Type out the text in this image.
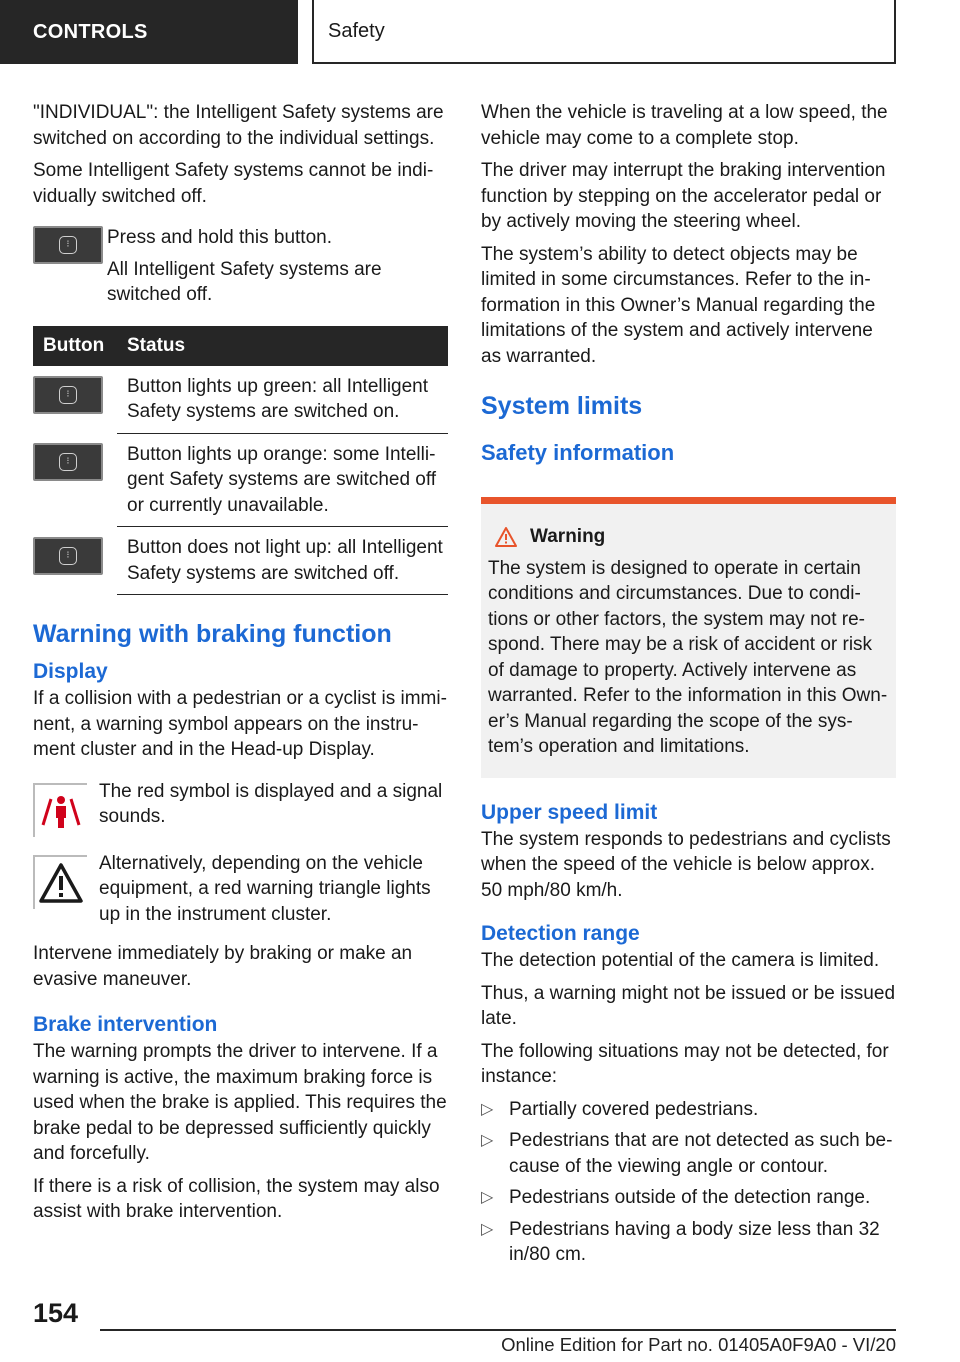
CONTROLS	Safety

"INDIVIDUAL": the Intelligent Safety systems are switched on according to the individual settings.

Some Intelligent Safety systems cannot be individually switched off.

⁝	Press and hold this button.

All Intelligent Safety systems are switched off.

Button	Status

⁝	Button lights up green: all Intelligent Safety systems are switched on.

⁝	Button lights up orange: some Intelligent Safety systems are switched off or currently unavailable.

⁝	Button does not light up: all Intelligent Safety systems are switched off.
Warning with braking function
Display

If a collision with a pedestrian or a cyclist is imminent, a warning symbol appears on the instrument cluster and in the Head-up Display.

The red symbol is displayed and a signal sounds.

Alternatively, depending on the vehicle equipment, a red warning triangle lights up in the instrument cluster.

Intervene immediately by braking or make an evasive maneuver.

Brake intervention

The warning prompts the driver to intervene. If a warning is active, the maximum braking force is used when the brake is applied. This requires the brake pedal to be depressed sufficiently quickly and forcefully.

If there is a risk of collision, the system may also assist with brake intervention.

When the vehicle is traveling at a low speed, the vehicle may come to a complete stop.

The driver may interrupt the braking intervention function by stepping on the accelerator pedal or by actively moving the steering wheel.

The system’s ability to detect objects may be limited in some circumstances. Refer to the information in this Owner’s Manual regarding the limitations of the system and actively intervene as warranted.

System limits
Safety information
Warning

The system is designed to operate in certain conditions and circumstances. Due to conditions or other factors, the system may not respond. There may be a risk of accident or risk of damage to property. Actively intervene as warranted. Refer to the information in this Owner’s Manual regarding the scope of the system’s operation and limitations.

Upper speed limit

The system responds to pedestrians and cyclists when the speed of the vehicle is below approx. 50 mph/80 km/h.

Detection range

The detection potential of the camera is limited.

Thus, a warning might not be issued or be issued late.

The following situations may not be detected, for instance:

▷ Partially covered pedestrians.
▷ Pedestrians that are not detected as such because of the viewing angle or contour.
▷ Pedestrians outside of the detection range.
▷ Pedestrians having a body size less than 32 in/80 cm.
154
Online Edition for Part no. 01405A0F9A0 - VI/20
